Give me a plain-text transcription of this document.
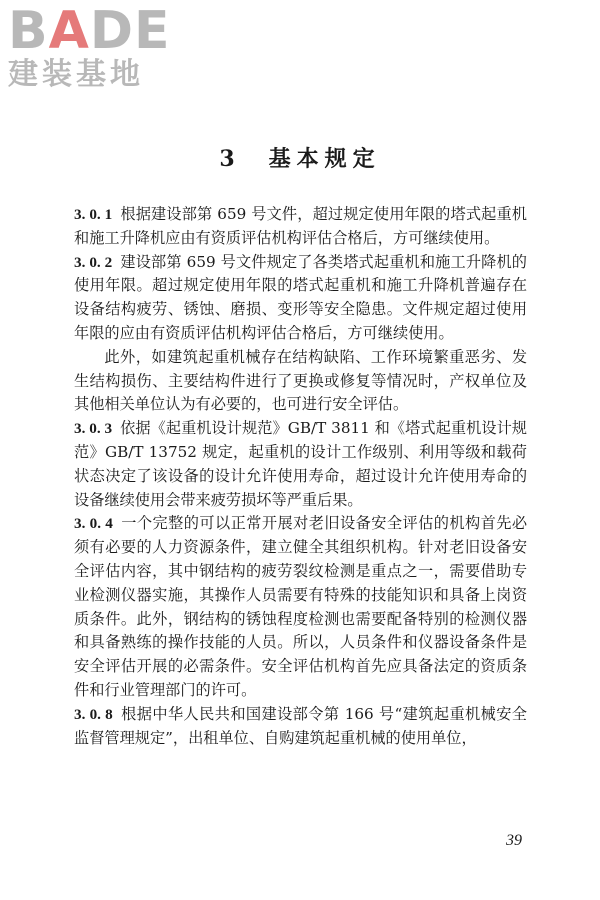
BADE
建装基地
3　基本规定

3. 0. 1 根据建设部第 659 号文件，超过规定使用年限的塔式起重机和施工升降机应由有资质评估机构评估合格后，方可继续使用。

3. 0. 2 建设部第 659 号文件规定了各类塔式起重机和施工升降机的使用年限。超过规定使用年限的塔式起重机和施工升降机普遍存在设备结构疲劳、锈蚀、磨损、变形等安全隐患。文件规定超过使用年限的应由有资质评估机构评估合格后，方可继续使用。

此外，如建筑起重机械存在结构缺陷、工作环境繁重恶劣、发生结构损伤、主要结构件进行了更换或修复等情况时，产权单位及其他相关单位认为有必要的，也可进行安全评估。

3. 0. 3 依据《起重机设计规范》GB/T 3811 和《塔式起重机设计规范》GB/T 13752 规定，起重机的设计工作级别、利用等级和载荷状态决定了该设备的设计允许使用寿命，超过设计允许使用寿命的设备继续使用会带来疲劳损坏等严重后果。

3. 0. 4 一个完整的可以正常开展对老旧设备安全评估的机构首先必须有必要的人力资源条件，建立健全其组织机构。针对老旧设备安全评估内容，其中钢结构的疲劳裂纹检测是重点之一，需要借助专业检测仪器实施，其操作人员需要有特殊的技能知识和具备上岗资质条件。此外，钢结构的锈蚀程度检测也需要配备特别的检测仪器和具备熟练的操作技能的人员。所以，人员条件和仪器设备条件是安全评估开展的必需条件。安全评估机构首先应具备法定的资质条件和行业管理部门的许可。

3. 0. 8 根据中华人民共和国建设部令第 166 号“建筑起重机械安全监督管理规定”，出租单位、自购建筑起重机械的使用单位，

39
